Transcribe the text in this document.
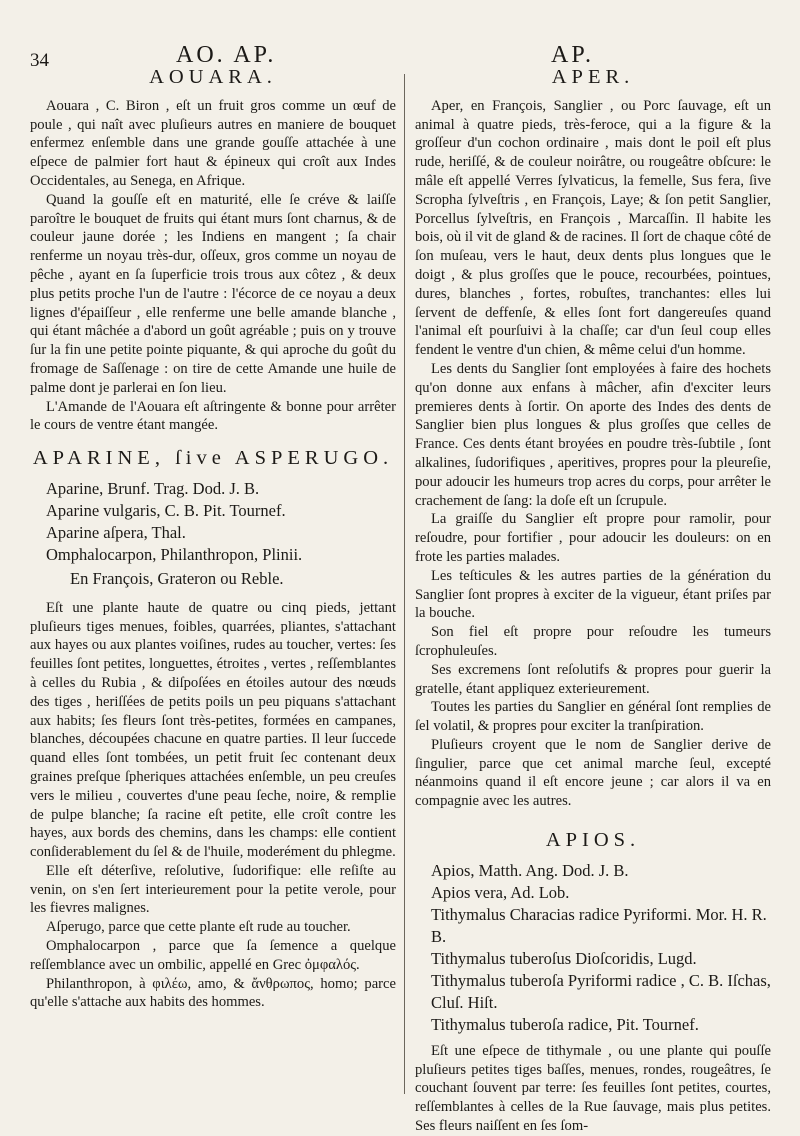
34	AO. AP.	AP.
AOUARA.

Aouara , C. Biron , eſt un fruit gros comme un œuf de poule , qui naît avec pluſieurs autres en maniere de bouquet enfermez enſemble dans une grande gouſſe attachée à une eſpece de palmier fort haut & épineux qui croît aux Indes Occidentales, au Senega, en Afrique.

Quand la gouſſe eſt en maturité, elle ſe créve & laiſſe paroître le bouquet de fruits qui étant murs ſont charnus, & de couleur jaune dorée ; les Indiens en mangent ; ſa chair renferme un noyau très-dur, oſſeux, gros comme un noyau de pêche , ayant en ſa ſuperficie trois trous aux côtez , & deux plus petits proche l'un de l'autre : l'écorce de ce noyau a deux lignes d'épaiſſeur , elle renferme une belle amande blanche , qui étant mâchée a d'abord un goût agréable ; puis on y trouve ſur la fin une petite pointe piquante, & qui aproche du goût du fromage de Saſſenage : on tire de cette Amande une huile de palme dont je parlerai en ſon lieu.

L'Amande de l'Aouara eſt aſtringente & bonne pour arrêter le cours de ventre étant mangée.

APARINE, ſive ASPERUGO.

Aparine, Brunf. Trag. Dod. J. B.

Aparine vulgaris, C. B. Pit. Tournef.

Aparine aſpera, Thal.

Omphalocarpon, Philanthropon, Plinii.

En François, Grateron ou Reble.

Eſt une plante haute de quatre ou cinq pieds, jettant pluſieurs tiges menues, foibles, quarrées, pliantes, s'attachant aux hayes ou aux plantes voiſines, rudes au toucher, vertes: ſes feuilles ſont petites, longuettes, étroites , vertes , reſſemblantes à celles du Rubia , & diſpoſées en étoiles autour des nœuds des tiges , heriſſées de petits poils un peu piquans s'attachant aux habits; ſes fleurs ſont très-petites, formées en campanes, blanches, découpées chacune en quatre parties. Il leur ſuccede quand elles ſont tombées, un petit fruit ſec contenant deux graines preſque ſpheriques attachées enſemble, un peu creuſes vers le milieu , couvertes d'une peau ſeche, noire, & remplie de pulpe blanche; ſa racine eſt petite, elle croît contre les hayes, aux bords des chemins, dans les champs: elle contient conſiderablement du ſel & de l'huile, moderément du phlegme.

Elle eſt déterſive, reſolutive, ſudorifique: elle reſiſte au venin, on s'en ſert interieurement pour la petite verole, pour les fievres malignes.

Aſperugo, parce que cette plante eſt rude au toucher.

Omphalocarpon , parce que ſa ſemence a quelque reſſemblance avec un ombilic, appellé en Grec ὀμφαλός.

Philanthropon, à φιλέω, amo, & ἄνθρωπος, homo; parce qu'elle s'attache aux habits des hommes.

APER.

Aper, en François, Sanglier , ou Porc ſauvage, eſt un animal à quatre pieds, très-feroce, qui a la figure & la groſſeur d'un cochon ordinaire , mais dont le poil eſt plus rude, heriſſé, & de couleur noirâtre, ou rougeâtre obſcure: le mâle eſt appellé Verres ſylvaticus, la femelle, Sus fera, ſive Scropha ſylveſtris , en François, Laye; & ſon petit Sanglier, Porcellus ſylveſtris, en François , Marcaſſin. Il habite les bois, où il vit de gland & de racines. Il ſort de chaque côté de ſon muſeau, vers le haut, deux dents plus longues que le doigt , & plus groſſes que le pouce, recourbées, pointues, dures, blanches , fortes, robuſtes, tranchantes: elles lui ſervent de deffenſe, & elles ſont fort dangereuſes quand l'animal eſt pourſuivi à la chaſſe; car d'un ſeul coup elles fendent le ventre d'un chien, & même celui d'un homme.

Les dents du Sanglier ſont employées à faire des hochets qu'on donne aux enfans à mâcher, afin d'exciter leurs premieres dents à ſortir. On aporte des Indes des dents de Sanglier bien plus longues & plus groſſes que celles de France. Ces dents étant broyées en poudre très-ſubtile , ſont alkalines, ſudorifiques , aperitives, propres pour la pleureſie, pour adoucir les humeurs trop acres du corps, pour arrêter le crachement de ſang: la doſe eſt un ſcrupule.

La graiſſe du Sanglier eſt propre pour ramolir, pour reſoudre, pour fortifier , pour adoucir les douleurs: on en frote les parties malades.

Les teſticules & les autres parties de la génération du Sanglier ſont propres à exciter de la vigueur, étant priſes par la bouche.

Son fiel eſt propre pour reſoudre les tumeurs ſcrophuleuſes.

Ses excremens ſont reſolutifs & propres pour guerir la gratelle, étant appliquez exterieurement.

Toutes les parties du Sanglier en général ſont remplies de ſel volatil, & propres pour exciter la tranſpiration.

Pluſieurs croyent que le nom de Sanglier derive de ſingulier, parce que cet animal marche ſeul, excepté néanmoins quand il eſt encore jeune ; car alors il va en compagnie avec les autres.

APIOS.

Apios, Matth. Ang. Dod. J. B.

Apios vera, Ad. Lob.

Tithymalus Characias radice Pyriformi. Mor. H. R. B.

Tithymalus tuberoſus Dioſcoridis, Lugd.

Tithymalus tuberoſa Pyriformi radice , C. B. Iſchas, Cluſ. Hiſt.

Tithymalus tuberoſa radice, Pit. Tournef.

Eſt une eſpece de tithymale , ou une plante qui pouſſe pluſieurs petites tiges baſſes, menues, rondes, rougeâtres, ſe couchant ſouvent par terre: ſes feuilles ſont petites, courtes, reſſemblantes à celles de la Rue ſauvage, mais plus petites. Ses fleurs naiſſent en ſes ſom-
